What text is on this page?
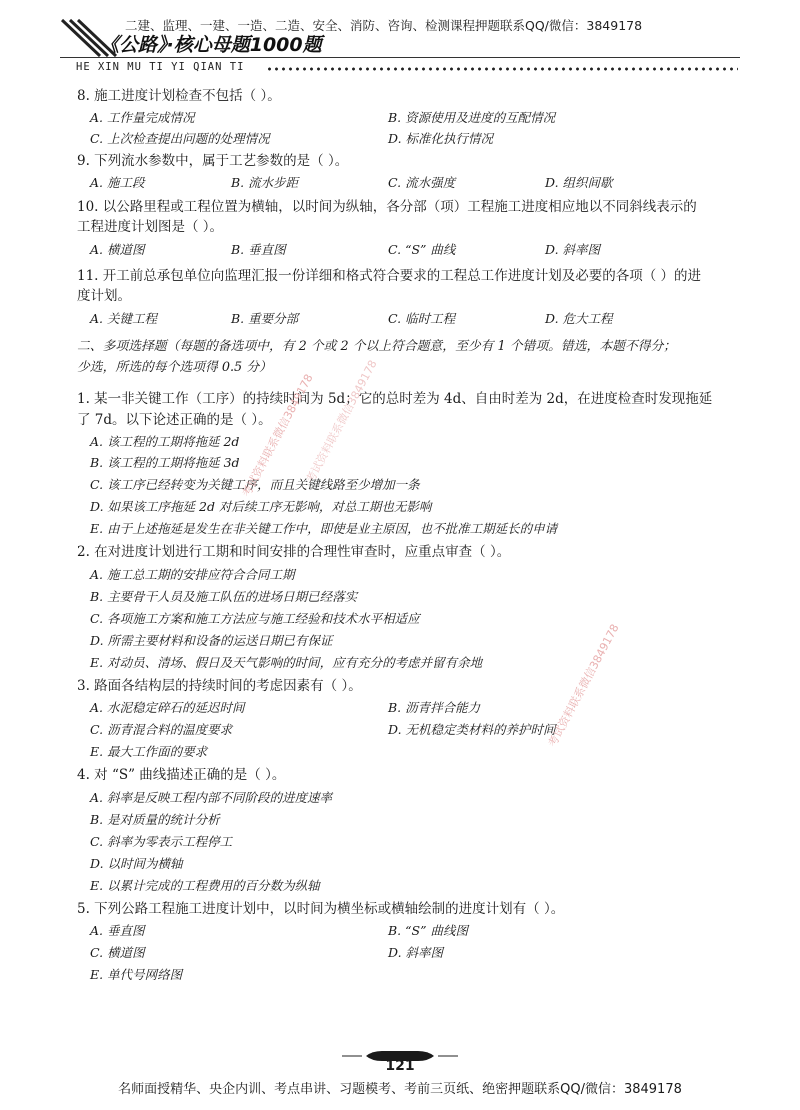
二建、监理、一建、一造、二造、安全、消防、咨询、检测课程押题联系QQ/微信：3849178
《公路》·核心母题1000题
HE XIN MU TI YI QIAN TI
8. 施工进度计划检查不包括（ ）。
A. 工作量完成情况	B. 资源使用及进度的互配情况
C. 上次检查提出问题的处理情况	D. 标准化执行情况
9. 下列流水参数中，属于工艺参数的是（ ）。
A. 施工段	B. 流水步距	C. 流水强度	D. 组织间歇
10. 以公路里程或工程位置为横轴，以时间为纵轴，各分部（项）工程施工进度相应地以不同斜线表示的
工程进度计划图是（ ）。
A. 横道图	B. 垂直图	C. “S” 曲线	D. 斜率图
11. 开工前总承包单位向监理汇报一份详细和格式符合要求的工程总工作进度计划及必要的各项（ ）的进
度计划。
A. 关键工程	B. 重要分部	C. 临时工程	D. 危大工程
二、多项选择题（每题的备选项中，有 2 个或 2 个以上符合题意，至少有 1 个错项。错选，本题不得分；
少选，所选的每个选项得 0.5 分）
1. 某一非关键工作（工序）的持续时间为 5d；它的总时差为 4d、自由时差为 2d，在进度检查时发现拖延
了 7d。以下论述正确的是（ ）。
A. 该工程的工期将拖延 2d
B. 该工程的工期将拖延 3d
C. 该工序已经转变为关键工序，而且关键线路至少增加一条
D. 如果该工序拖延 2d 对后续工序无影响，对总工期也无影响
E. 由于上述拖延是发生在非关键工作中，即使是业主原因，也不批准工期延长的申请
2. 在对进度计划进行工期和时间安排的合理性审查时，应重点审查（ ）。
A. 施工总工期的安排应符合合同工期
B. 主要骨干人员及施工队伍的进场日期已经落实
C. 各项施工方案和施工方法应与施工经验和技术水平相适应
D. 所需主要材料和设备的运送日期已有保证
E. 对动员、清场、假日及天气影响的时间，应有充分的考虑并留有余地
3. 路面各结构层的持续时间的考虑因素有（ ）。
A. 水泥稳定碎石的延迟时间	B. 沥青拌合能力
C. 沥青混合料的温度要求	D. 无机稳定类材料的养护时间
E. 最大工作面的要求
4. 对 “S” 曲线描述正确的是（ ）。
A. 斜率是反映工程内部不同阶段的进度速率
B. 是对质量的统计分析
C. 斜率为零表示工程停工
D. 以时间为横轴
E. 以累计完成的工程费用的百分数为纵轴
5. 下列公路工程施工进度计划中，以时间为横坐标或横轴绘制的进度计划有（ ）。
A. 垂直图	B. “S” 曲线图
C. 横道图	D. 斜率图
E. 单代号网络图
考试资料联系微信3849178
考试资料联系微信3849178
考试资料联系微信3849178
121
名师面授精华、央企内训、考点串讲、习题模考、考前三页纸、绝密押题联系QQ/微信：3849178
